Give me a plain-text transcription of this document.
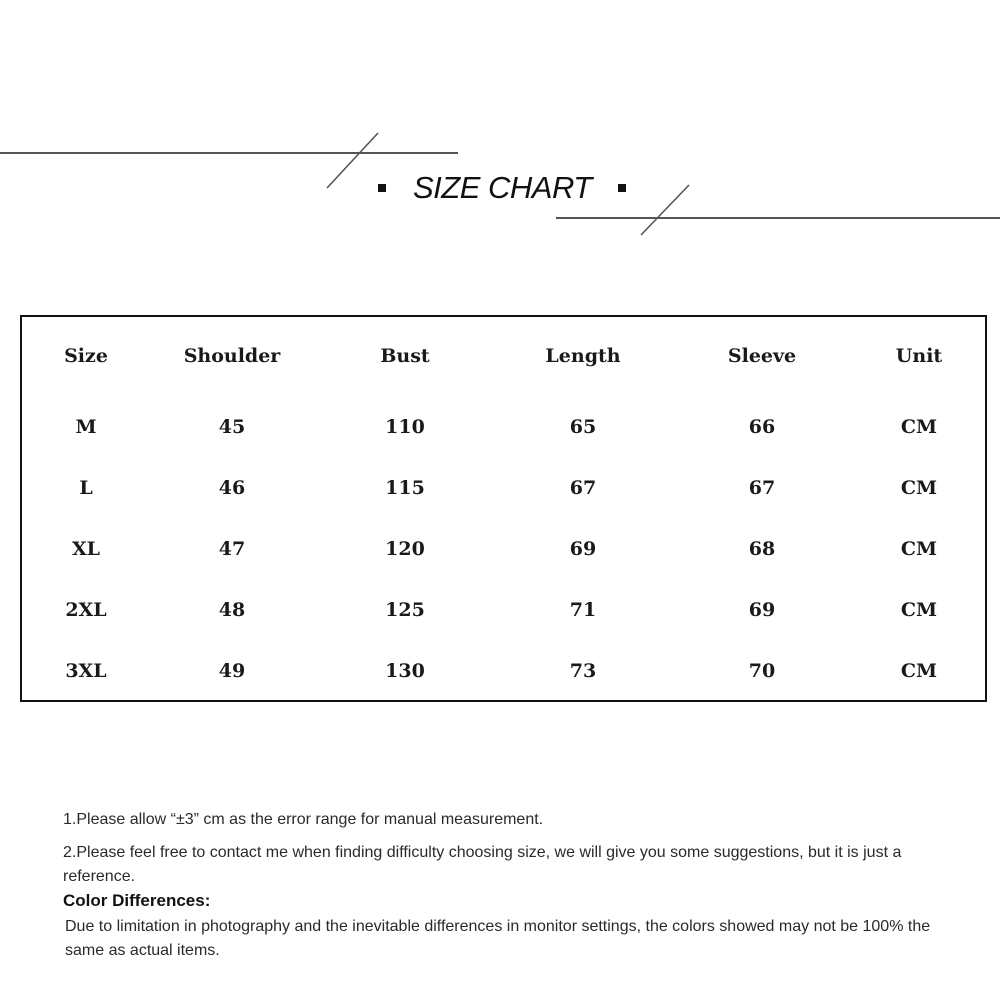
SIZE CHART
Size	Shoulder	Bust	Length	Sleeve	Unit
M	45	110	65	66	CM
L	46	115	67	67	CM
XL	47	120	69	68	CM
2XL	48	125	71	69	CM
3XL	49	130	73	70	CM

1.Please allow “±3” cm as the error range for manual measurement.

2.Please feel free to contact me when finding difficulty choosing size, we will give you some suggestions, but it is just a reference.

Color Differences:

Due to limitation in photography and the inevitable differences in monitor settings, the colors showed may not be 100% the same as actual items.
